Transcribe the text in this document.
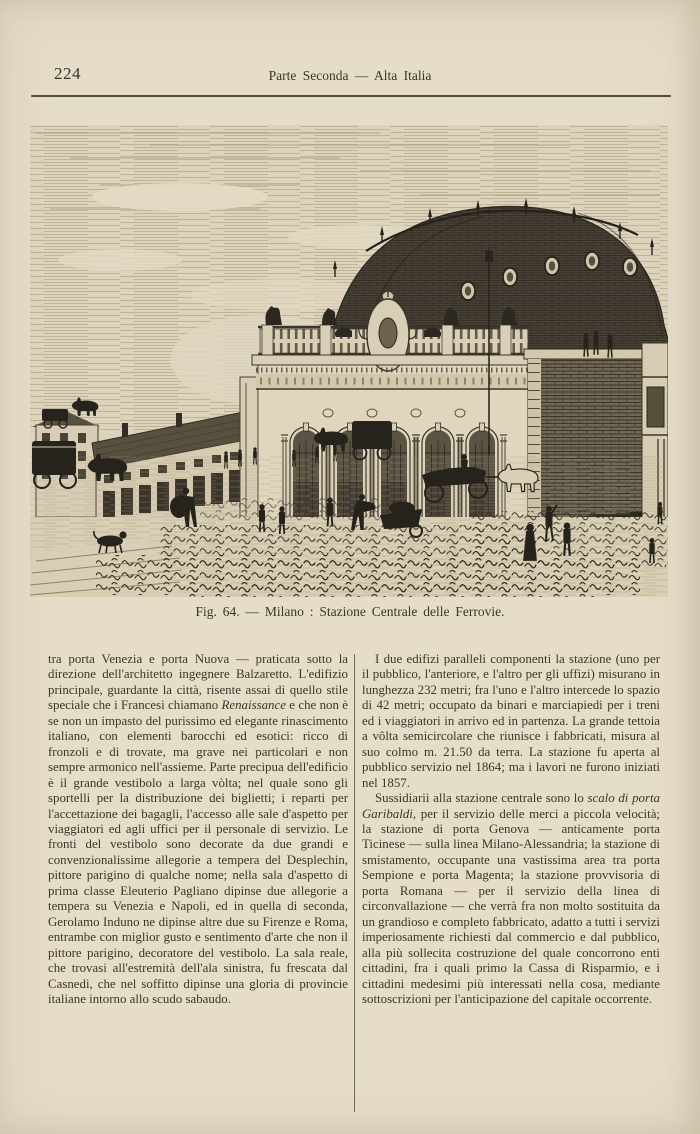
224	Parte Seconda — Alta Italia
Fig. 64. — Milano : Stazione Centrale delle Ferrovie.

tra porta Venezia e porta Nuova — praticata sotto la direzione dell'architetto ingegnere Balzaretto. L'edifizio principale, guardante la città, risente assai di quello stile speciale che i Francesi chiamano Renaissance e che non è se non un impasto del purissimo ed elegante rinascimento italiano, con elementi barocchi ed esotici: ricco di fronzoli e di trovate, ma grave nei particolari e non sempre armonico nell'assieme. Parte precipua dell'edificio è il grande vestibolo a larga vòlta; nel quale sono gli sportelli per la distribuzione dei biglietti; i reparti per l'accettazione dei bagagli, l'accesso alle sale d'aspetto per viaggiatori ed agli uffici per il personale di servizio. Le fronti del vestibolo sono decorate da due grandi e convenzionalissime allegorie a tempera del Desplechin, pittore parigino di qualche nome; nella sala d'aspetto di prima classe Eleuterio Pagliano dipinse due allegorie a tempera su Venezia e Napoli, ed in quella di seconda, Gerolamo Induno ne dipinse altre due su Firenze e Roma, entrambe con miglior gusto e sentimento d'arte che non il pittore parigino, decoratore del vestibolo. La sala reale, che trovasi all'estremità dell'ala sinistra, fu frescata dal Casnedi, che nel soffitto dipinse una gloria di provincie italiane intorno allo scudo sabaudo.

I due edifizi paralleli componenti la stazione (uno per il pubblico, l'anteriore, e l'altro per gli uffizi) misurano in lunghezza 232 metri; fra l'uno e l'altro intercede lo spazio di 42 metri; occupato da binari e marciapiedi per i treni ed i viaggiatori in arrivo ed in partenza. La grande tettoia a vôlta semicircolare che riunisce i fabbricati, misura al suo colmo m. 21.50 da terra. La stazione fu aperta al pubblico servizio nel 1864; ma i lavori ne furono iniziati nel 1857.

Sussidiarii alla stazione centrale sono lo scalo di porta Garibaldi, per il servizio delle merci a piccola velocità; la stazione di porta Genova — anticamente porta Ticinese — sulla linea Milano-Alessandria; la stazione di smistamento, occupante una vastissima area tra porta Sempione e porta Magenta; la stazione provvisoria di porta Romana — per il servizio della linea di circonvallazione — che verrà fra non molto sostituita da un grandioso e completo fabbricato, adatto a tutti i servizi imperiosamente richiesti dal commercio e dal pubblico, alla più sollecita costruzione del quale concorrono enti cittadini, fra i quali primo la Cassa di Risparmio, e i cittadini medesimi più interessati nella cosa, mediante sottoscrizioni per l'anticipazione del capitale occorrente.
